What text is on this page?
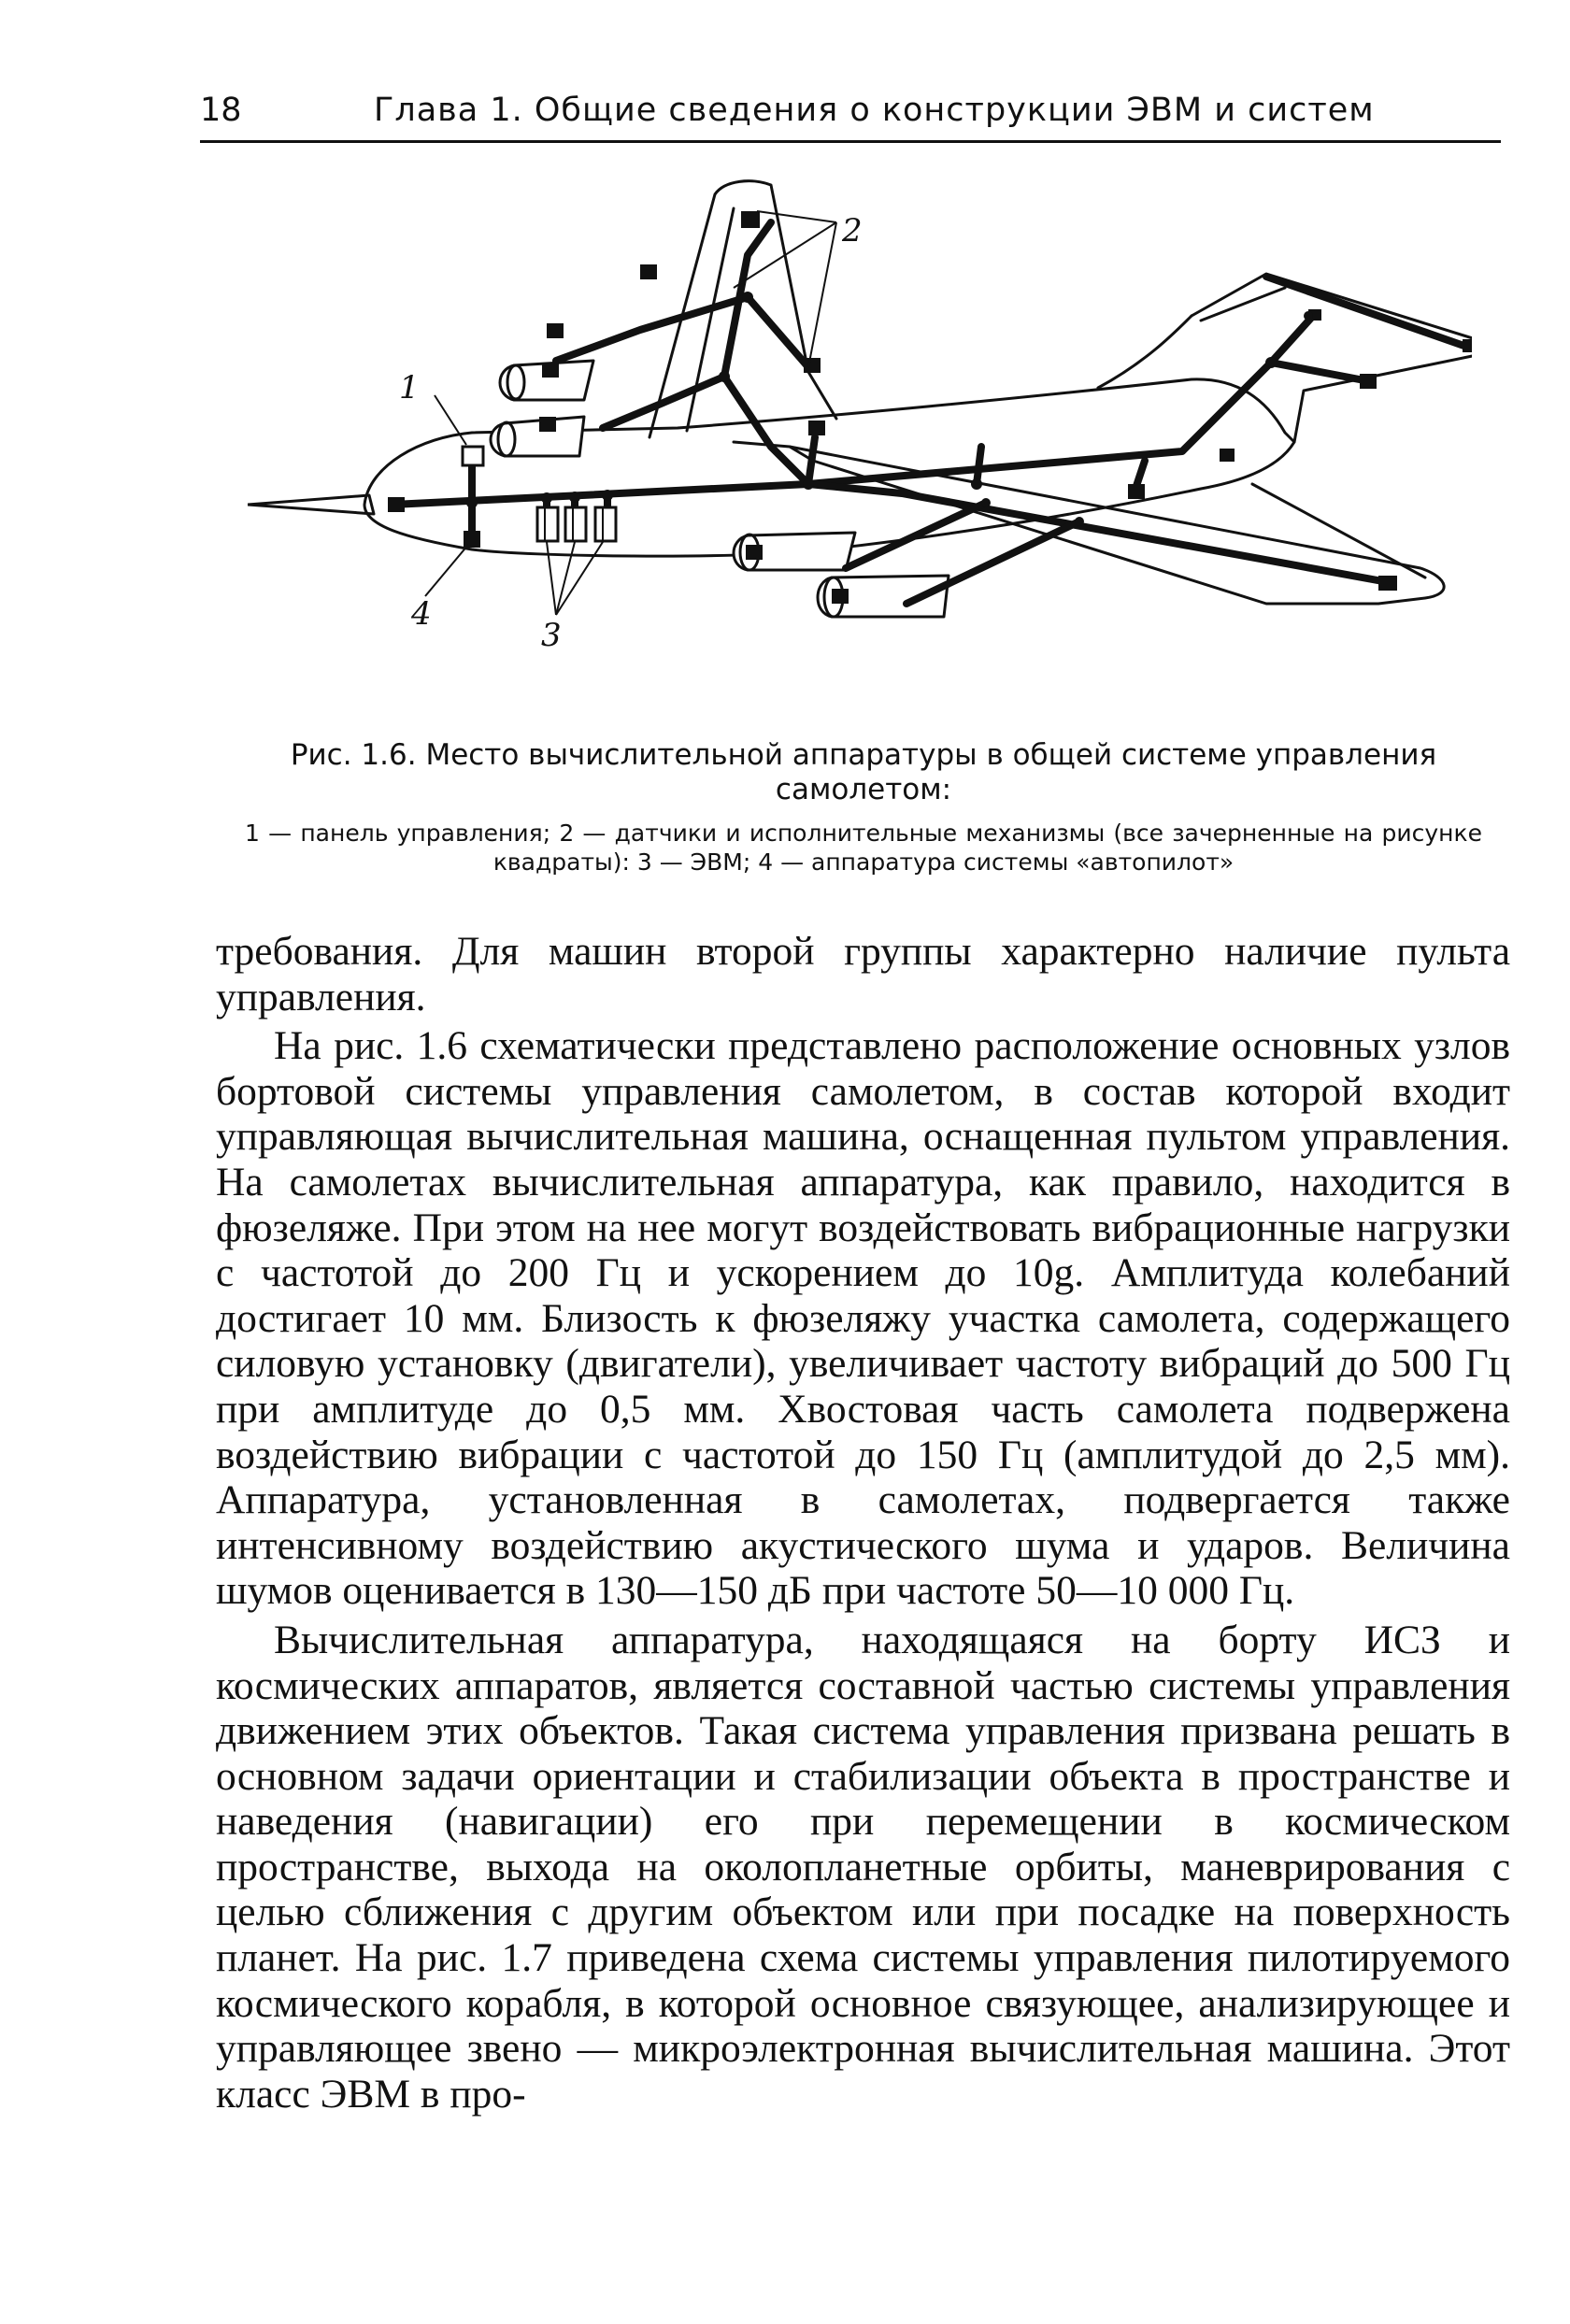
18	Глава 1. Общие сведения о конструкции ЭВМ и систем
1
2
3
4

Рис. 1.6. Место вычислительной аппаратуры в общей системе управления самолетом:

1 — панель управления; 2 — датчики и исполнительные механизмы (все зачерненные на рисунке квадраты): 3 — ЭВМ; 4 — аппаратура системы «автопилот»

требования. Для машин второй группы характерно наличие пульта управления.

На рис. 1.6 схематически представлено расположение основных узлов бортовой системы управления самолетом, в состав которой входит управляющая вычислительная машина, оснащенная пультом управления. На самолетах вычислительная аппаратура, как правило, находится в фюзеляже. При этом на нее могут воздействовать вибрационные нагрузки с частотой до 200 Гц и ускорением до 10g. Амплитуда колебаний достигает 10 мм. Близость к фюзеляжу участка самолета, содержащего силовую установку (двигатели), увеличивает частоту вибраций до 500 Гц при амплитуде до 0,5 мм. Хвостовая часть самолета подвержена воздействию вибрации с частотой до 150 Гц (амплитудой до 2,5 мм). Аппаратура, установленная в самолетах, подвергается также интенсивному воздействию акустического шума и ударов. Величина шумов оценивается в 130—150 дБ при частоте 50—10 000 Гц.

Вычислительная аппаратура, находящаяся на борту ИСЗ и космических аппаратов, является составной частью системы управления движением этих объектов. Такая система управления призвана решать в основном задачи ориентации и стабилизации объекта в пространстве и наведения (навигации) его при перемещении в космическом пространстве, выхода на околопланетные орбиты, маневрирования с целью сближения с другим объектом или при посадке на поверхность планет. На рис. 1.7 приведена схема системы управления пилотируемого космического корабля, в которой основное связующее, анализирующее и управляющее звено — микроэлектронная вычислительная машина. Этот класс ЭВМ в про-
